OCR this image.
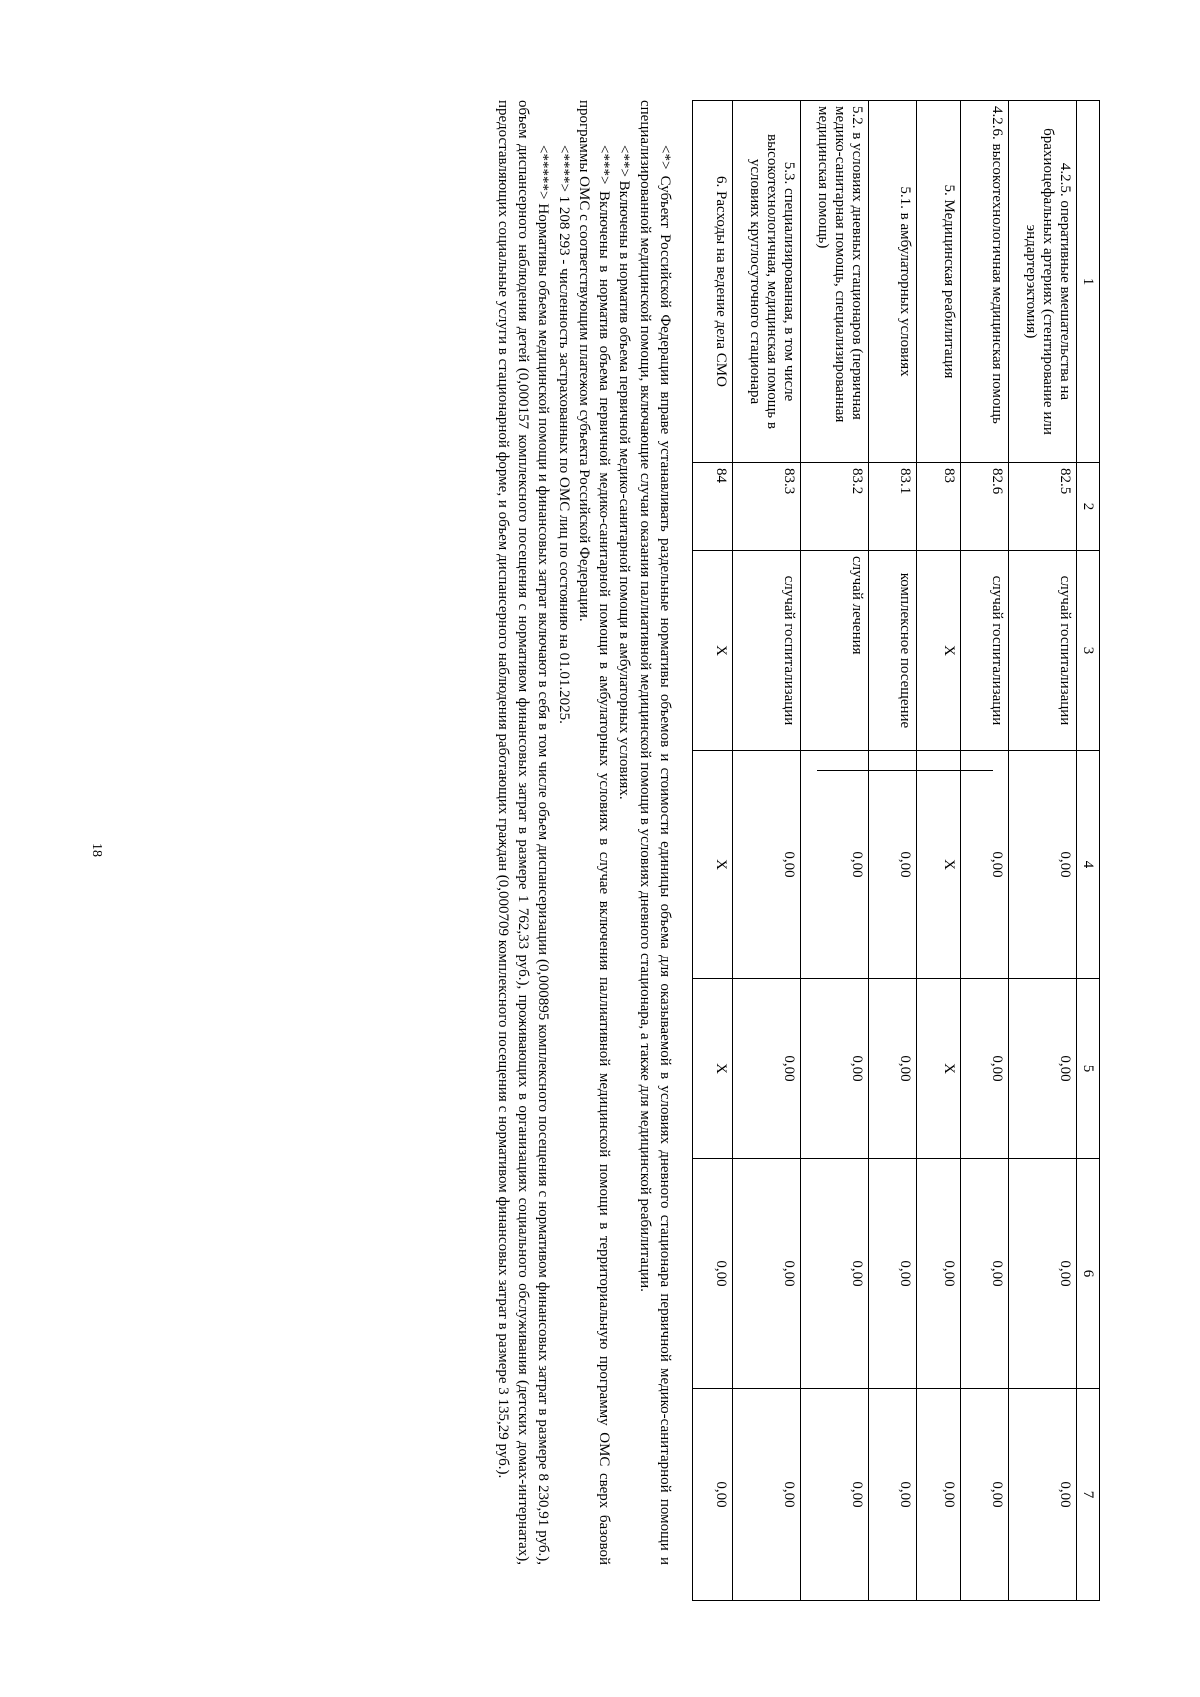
18
1	2	3	4	5	6	7
4.2.5. оперативные вмешательства на брахиоцефальных артериях (стентирование или эндартерэктомия)	82.5	случай госпитализации	0,00	0,00	0,00	0,00
4.2.6. высокотехнологичная медицинская помощь	82.6	случай госпитализации	0,00	0,00	0,00	0,00
5. Медицинская реабилитация	83	X	X	X	0,00	0,00
5.1. в амбулаторных условиях	83.1	комплексное посещение	0,00	0,00	0,00	0,00
5.2. в условиях дневных стационаров (первичная медико-санитарная помощь, специализированная медицинская помощь)	83.2	случай лечения	0,00	0,00	0,00	0,00
5.3. специализированная, в том числе высокотехнологичная, медицинская помощь в условиях круглосуточного стационара	83.3	случай госпитализации	0,00	0,00	0,00	0,00
6. Расходы на ведение дела СМО	84	X	X	X	0,00	0,00

<*> Субъект Российской Федерации вправе устанавливать раздельные нормативы объемов и стоимости единицы объема для оказываемой в условиях дневного стационара первичной медико-санитарной помощи и специализированной медицинской помощи, включающие случаи оказания паллиативной медицинской помощи в условиях дневного стационара, а также для медицинской реабилитации.

<**> Включены в норматив объема первичной медико-санитарной помощи в амбулаторных условиях.

<***> Включены в норматив объема первичной медико-санитарной помощи в амбулаторных условиях в случае включения паллиативной медицинской помощи в территориальную программу ОМС сверх базовой программы ОМС с соответствующим платежом субъекта Российской Федерации.

<****> 1 208 293 - численность застрахованных по ОМС лиц по состоянию на 01.01.2025.

<*****> Нормативы объема медицинской помощи и финансовых затрат включают в себя в том числе объем диспансеризации (0,000895 комплексного посещения с нормативом финансовых затрат в размере 8 230,91 руб.), объем диспансерного наблюдения детей (0,000157 комплексного посещения с нормативом финансовых затрат в размере 1 762,33 руб.), проживающих в организациях социального обслуживания (детских домах-интернатах), предоставляющих социальные услуги в стационарной форме, и объем диспансерного наблюдения работающих граждан (0,000709 комплексного посещения с нормативом финансовых затрат в размере 3 135,29 руб.).
